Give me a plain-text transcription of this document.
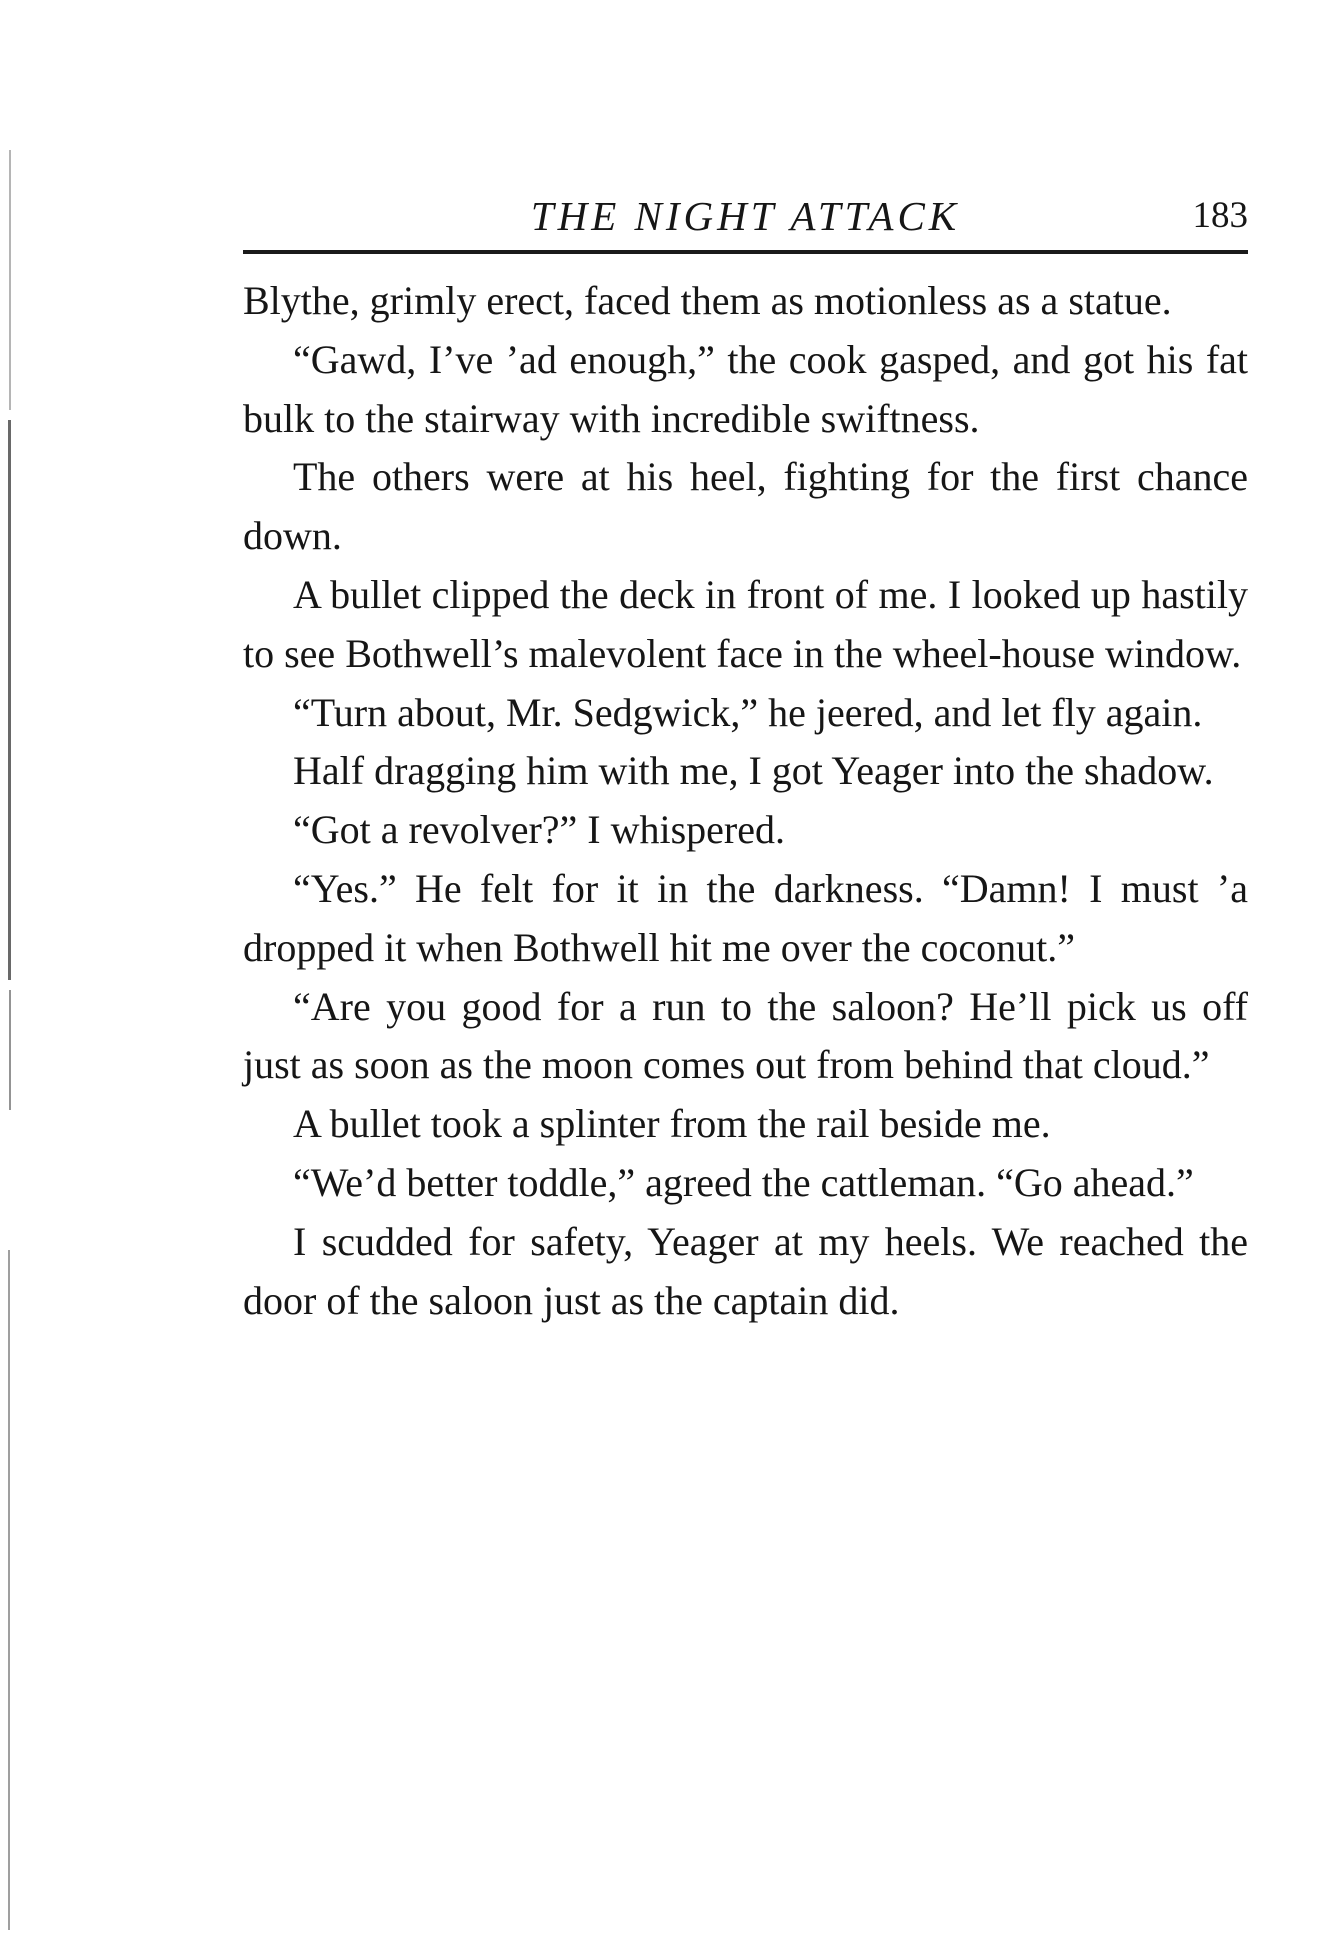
THE NIGHT ATTACK	183

Blythe, grimly erect, faced them as motionless as a statue.

“Gawd, I’ve ’ad enough,” the cook gasped, and got his fat bulk to the stairway with incredible swiftness.

The others were at his heel, fighting for the first chance down.

A bullet clipped the deck in front of me. I looked up hastily to see Bothwell’s malevolent face in the wheel-house window.

“Turn about, Mr. Sedgwick,” he jeered, and let fly again.

Half dragging him with me, I got Yeager into the shadow.

“Got a revolver?” I whispered.

“Yes.” He felt for it in the darkness. “Damn! I must ’a dropped it when Bothwell hit me over the coconut.”

“Are you good for a run to the saloon? He’ll pick us off just as soon as the moon comes out from behind that cloud.”

A bullet took a splinter from the rail beside me.

“We’d better toddle,” agreed the cattleman. “Go ahead.”

I scudded for safety, Yeager at my heels. We reached the door of the saloon just as the captain did.
